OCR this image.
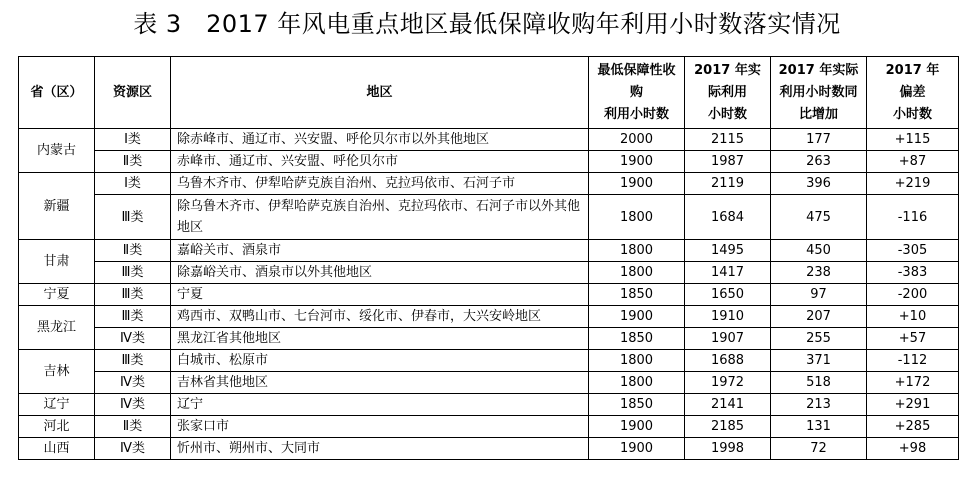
表 3　2017 年风电重点地区最低保障收购年利用小时数落实情况
省（区）	资源区	地区	最低保障性收
购
利用小时数	2017 年实
际利用
小时数	2017 年实际
利用小时数同
比增加	2017 年
偏差
小时数

内蒙古	Ⅰ类	除赤峰市、通辽市、兴安盟、呼伦贝尔市以外其他地区	2000	2115	177	+115
	Ⅱ类	赤峰市、通辽市、兴安盟、呼伦贝尔市	1900	1987	263	+87
新疆	Ⅰ类	乌鲁木齐市、伊犁哈萨克族自治州、克拉玛依市、石河子市	1900	2119	396	+219
	Ⅲ类	除乌鲁木齐市、伊犁哈萨克族自治州、克拉玛依市、石河子市以外其他地区	1800	1684	475	-116
甘肃	Ⅱ类	嘉峪关市、酒泉市	1800	1495	450	-305
	Ⅲ类	除嘉峪关市、酒泉市以外其他地区	1800	1417	238	-383
宁夏	Ⅲ类	宁夏	1850	1650	97	-200
黑龙江	Ⅲ类	鸡西市、双鸭山市、七台河市、绥化市、伊春市，大兴安岭地区	1900	1910	207	+10
	Ⅳ类	黑龙江省其他地区	1850	1907	255	+57
吉林	Ⅲ类	白城市、松原市	1800	1688	371	-112
	Ⅳ类	吉林省其他地区	1800	1972	518	+172
辽宁	Ⅳ类	辽宁	1850	2141	213	+291
河北	Ⅱ类	张家口市	1900	2185	131	+285
山西	Ⅳ类	忻州市、朔州市、大同市	1900	1998	72	+98
